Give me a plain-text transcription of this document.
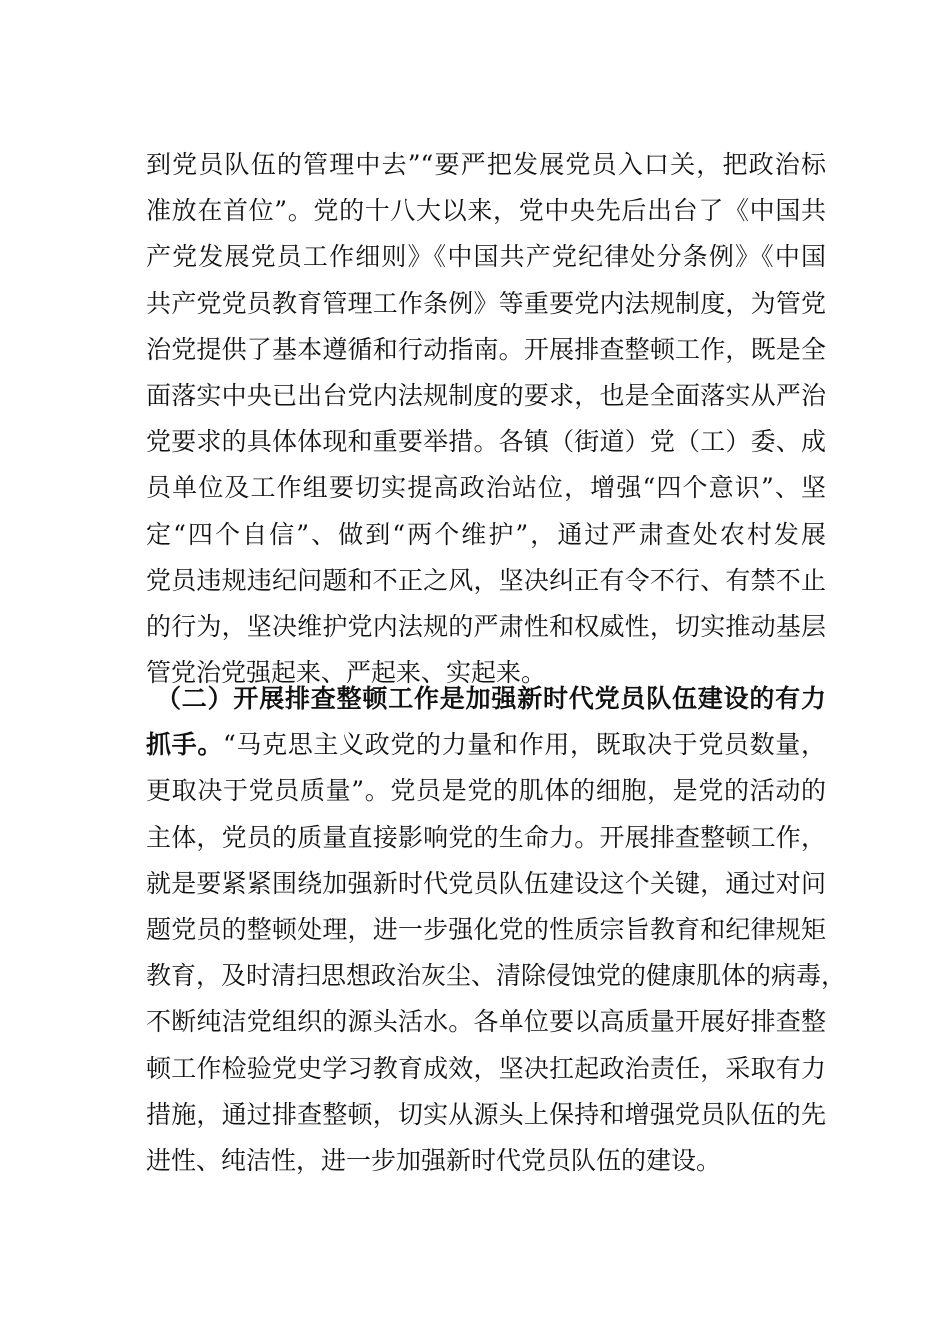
到党员队伍的管理中去”“要严把发展党员入口关，把政治标
准放在首位”。党的十八大以来，党中央先后出台了《中国共
产党发展党员工作细则》《中国共产党纪律处分条例》《中国
共产党党员教育管理工作条例》等重要党内法规制度，为管党
治党提供了基本遵循和行动指南。开展排查整顿工作，既是全
面落实中央已出台党内法规制度的要求，也是全面落实从严治
党要求的具体体现和重要举措。各镇（街道）党（工）委、成
员单位及工作组要切实提高政治站位，增强“四个意识”、坚
定“四个自信”、做到“两个维护”，通过严肃查处农村发展
党员违规违纪问题和不正之风，坚决纠正有令不行、有禁不止
的行为，坚决维护党内法规的严肃性和权威性，切实推动基层
管党治党强起来、严起来、实起来。
（二）开展排查整顿工作是加强新时代党员队伍建设的有力
抓手。“马克思主义政党的力量和作用，既取决于党员数量，
更取决于党员质量”。党员是党的肌体的细胞，是党的活动的
主体，党员的质量直接影响党的生命力。开展排查整顿工作，
就是要紧紧围绕加强新时代党员队伍建设这个关键，通过对问
题党员的整顿处理，进一步强化党的性质宗旨教育和纪律规矩
教育，及时清扫思想政治灰尘、清除侵蚀党的健康肌体的病毒，
不断纯洁党组织的源头活水。各单位要以高质量开展好排查整
顿工作检验党史学习教育成效，坚决扛起政治责任，采取有力
措施，通过排查整顿，切实从源头上保持和增强党员队伍的先
进性、纯洁性，进一步加强新时代党员队伍的建设。
